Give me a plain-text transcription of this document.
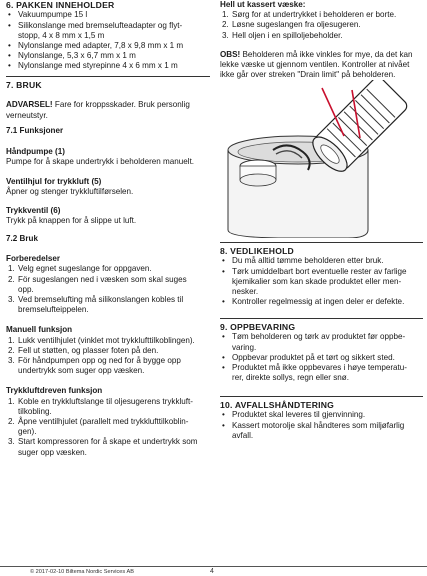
6. PAKKEN INNEHOLDER

• Vakuumpumpe 15 l
• Silikonslange med bremselufteadapter og flyt-
stopp, 4 x 8 mm x 1,5 m
• Nylonslange med adapter, 7,8 x 9,8 mm x 1 m
• Nylonslange, 5,3 x 6,7 mm x 1 m
• Nylonslange med styrepinne 4 x 6 mm x 1 m

7. BRUK

ADVARSEL! Fare for kroppsskader. Bruk personlig

verneutstyr.

7.1 Funksjoner

Håndpumpe (1)

Pumpe for å skape undertrykk i beholderen manuelt.

Ventilhjul for trykkluft (5)

Åpner og stenger trykkluftilførselen.

Trykkventil (6)

Trykk på knappen for å slippe ut luft.

7.2 Bruk

Forberedelser

1. Velg egnet sugeslange for oppgaven.
2. För sugeslangen ned i væsken som skal suges
opp.
3. Ved bremselufting må silikonslangen kobles til
bremselufteippelen.

Manuell funksjon

1. Lukk ventilhjulet (vinklet mot trykklufttilkoblingen).
2. Fell ut støtten, og plasser foten på den.
3. För håndpumpen opp og ned for å bygge opp
undertrykk som suger opp væsken.

Trykkluftdreven funksjon

1. Koble en trykkluftslange til oljesugerens trykkluft-
tilkobling.
2. Åpne ventilhjulet (parallelt med trykklufttilkoblin-
gen).
3. Start kompressoren for å skape et undertrykk som
suger opp væsken.

Hell ut kassert væske:

1. Sørg for at undertrykket i beholderen er borte.
2. Løsne sugeslangen fra oljesugeren.
3. Hell oljen i en spilloljebeholder.

OBS! Beholderen må ikke vinkles for mye, da det kan

lekke væske ut gjennom ventilen. Kontroller at nivået

ikke går over streken "Drain limit" på beholderen.

8. VEDLIKEHOLD

• Du må alltid tømme beholderen etter bruk.
• Tørk umiddelbart bort eventuelle rester av farlige
kjemikalier som kan skade produktet eller men-
nesker.
• Kontroller regelmessig at ingen deler er defekte.

9. OPPBEVARING

• Tøm beholderen og tørk av produktet før oppbe-
varing.
• Oppbevar produktet på et tørt og sikkert sted.
• Produktet må ikke oppbevares i høye temperatu-
rer, direkte sollys, regn eller snø.

10. AVFALLSHÅNDTERING

• Produktet skal leveres til gjenvinning.
• Kassert motorolje skal håndteres som miljøfarlig
avfall.
© 2017-02-10 Biltema Nordic Services AB	4
